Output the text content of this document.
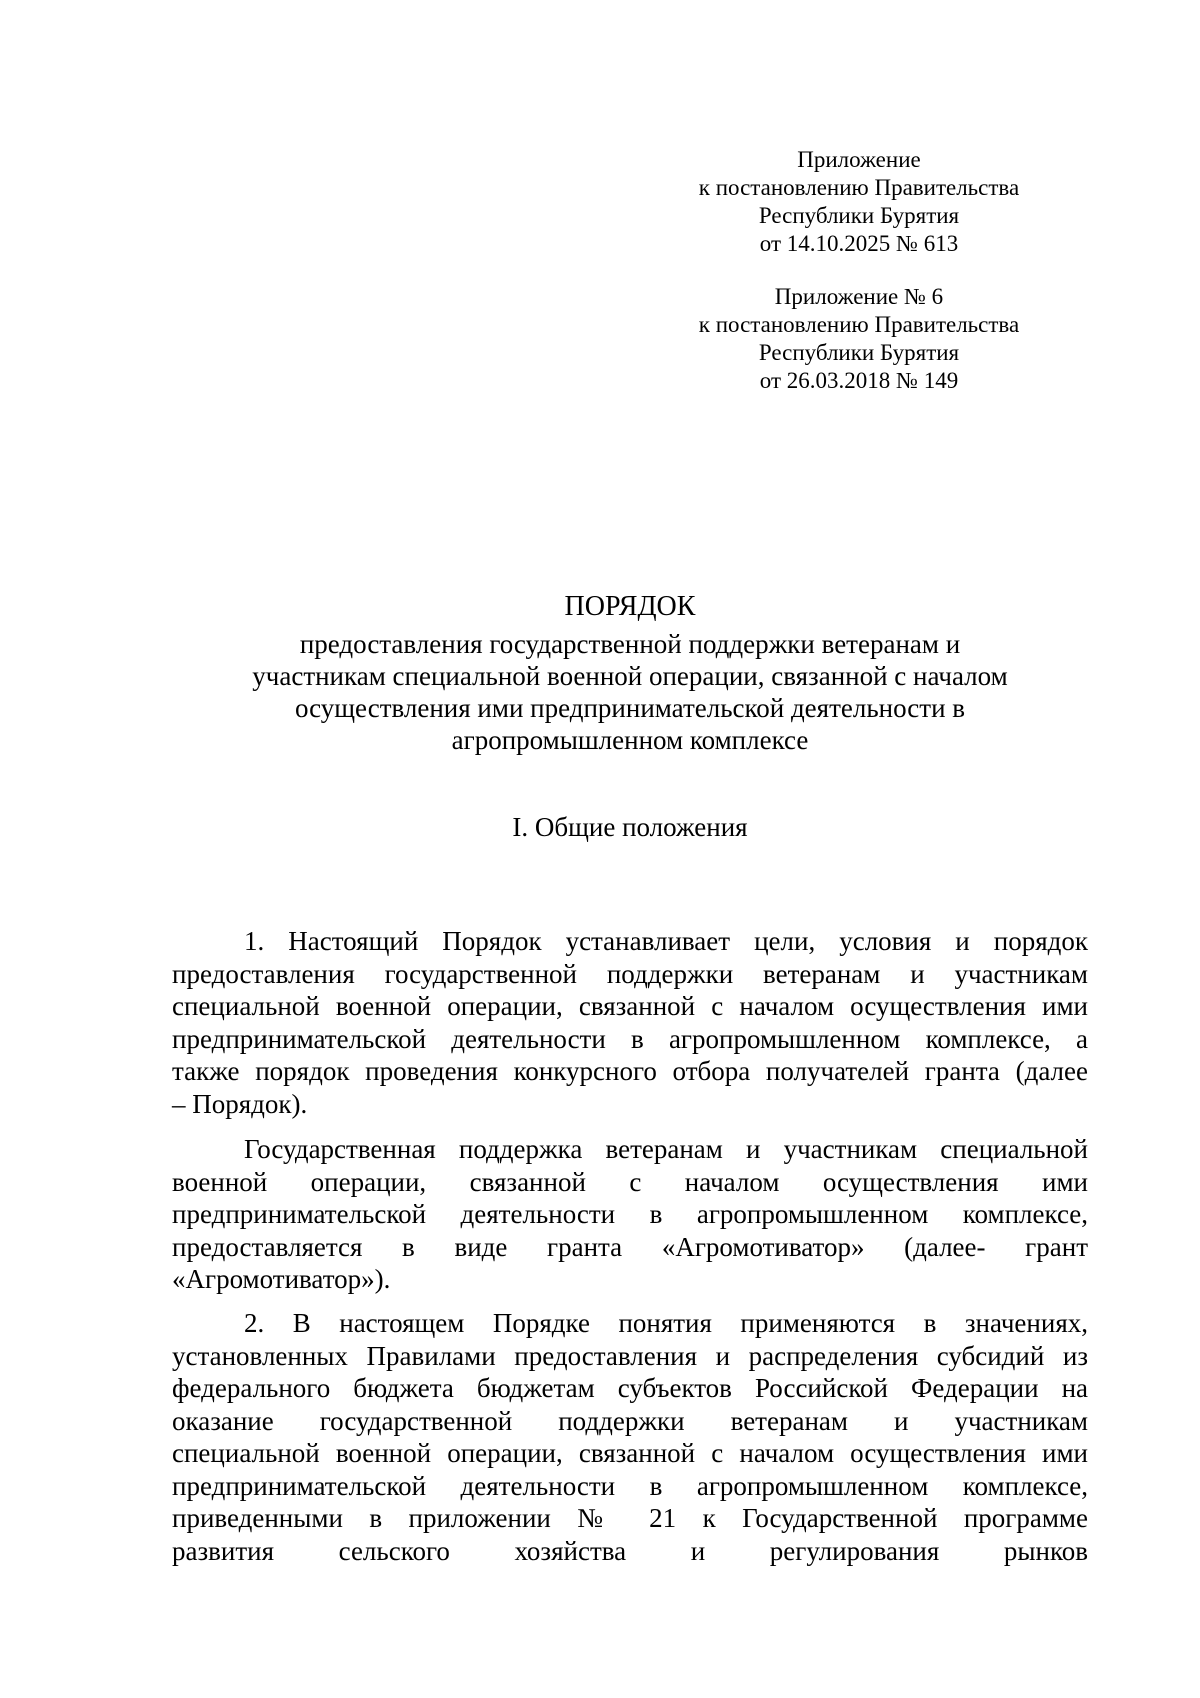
Приложение
к постановлению Правительства
Республики Бурятия
от 14.10.2025 № 613
Приложение № 6
к постановлению Правительства
Республики Бурятия
от 26.03.2018 № 149
ПОРЯДОК
предоставления государственной поддержки ветеранам и
участникам специальной военной операции, связанной с началом
осуществления ими предпринимательской деятельности в
агропромышленном комплексе
I. Общие положения
1. Настоящий Порядок устанавливает цели, условия и порядок
предоставления государственной поддержки ветеранам и участникам
специальной военной операции, связанной с началом осуществления ими
предпринимательской деятельности в агропромышленном комплексе, а
также порядок проведения конкурсного отбора получателей гранта (далее
– Порядок).
Государственная поддержка ветеранам и участникам специальной
военной операции, связанной с началом осуществления ими
предпринимательской деятельности в агропромышленном комплексе,
предоставляется в виде гранта «Агромотиватор» (далее- грант
«Агромотиватор»).
2. В настоящем Порядке понятия применяются в значениях,
установленных Правилами предоставления и распределения субсидий из
федерального бюджета бюджетам субъектов Российской Федерации на
оказание государственной поддержки ветеранам и участникам
специальной военной операции, связанной с началом осуществления ими
предпринимательской деятельности в агропромышленном комплексе,
приведенными в приложении № 21 к Государственной программе
развития сельского хозяйства и регулирования рынков
